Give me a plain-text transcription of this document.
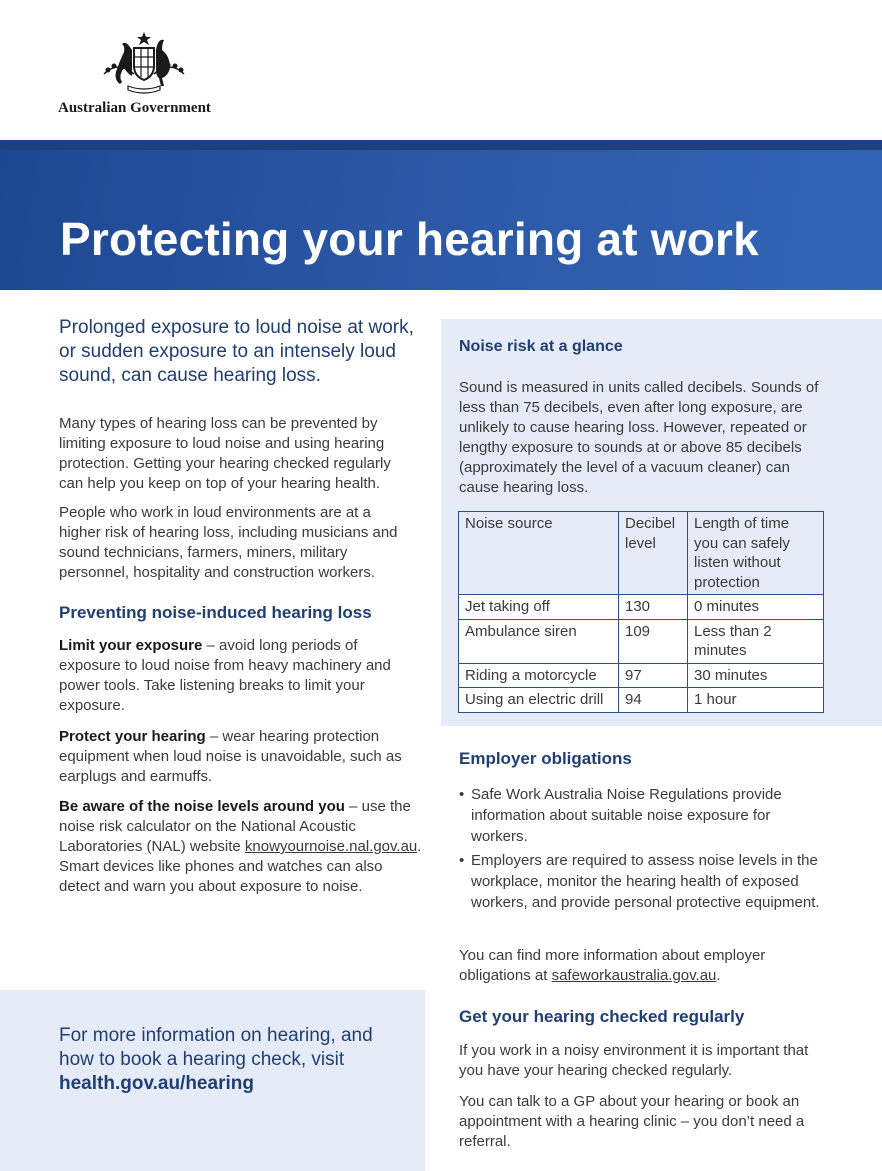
Australian Government
Protecting your hearing at work

Prolonged exposure to loud noise at work, or sudden exposure to an intensely loud sound, can cause hearing loss.

Many types of hearing loss can be prevented by limiting exposure to loud noise and using hearing protection. Getting your hearing checked regularly can help you keep on top of your hearing health.

People who work in loud environments are at a higher risk of hearing loss, including musicians and sound technicians, farmers, miners, military personnel, hospitality and construction workers.

Preventing noise-induced hearing loss

Limit your exposure – avoid long periods of exposure to loud noise from heavy machinery and power tools. Take listening breaks to limit your exposure.

Protect your hearing – wear hearing protection equipment when loud noise is unavoidable, such as earplugs and earmuffs.

Be aware of the noise levels around you – use the noise risk calculator on the National Acoustic Laboratories (NAL) website knowyournoise.nal.gov.au. Smart devices like phones and watches can also detect and warn you about exposure to noise.

For more information on hearing, and how to book a hearing check, visit health.gov.au/hearing

Noise risk at a glance

Sound is measured in units called decibels. Sounds of less than 75 decibels, even after long exposure, are unlikely to cause hearing loss. However, repeated or lengthy exposure to sounds at or above 85 decibels (approximately the level of a vacuum cleaner) can cause hearing loss.

Noise source	Decibel level	Length of time you can safely listen without protection
Jet taking off	130	0 minutes
Ambulance siren	109	Less than 2 minutes
Riding a motorcycle	97	30 minutes
Using an electric drill	94	1 hour
Employer obligations
• Safe Work Australia Noise Regulations provide information about suitable noise exposure for workers.
• Employers are required to assess noise levels in the workplace, monitor the hearing health of exposed workers, and provide personal protective equipment.

You can find more information about employer obligations at safeworkaustralia.gov.au.

Get your hearing checked regularly

If you work in a noisy environment it is important that you have your hearing checked regularly.

You can talk to a GP about your hearing or book an appointment with a hearing clinic – you don’t need a referral.
